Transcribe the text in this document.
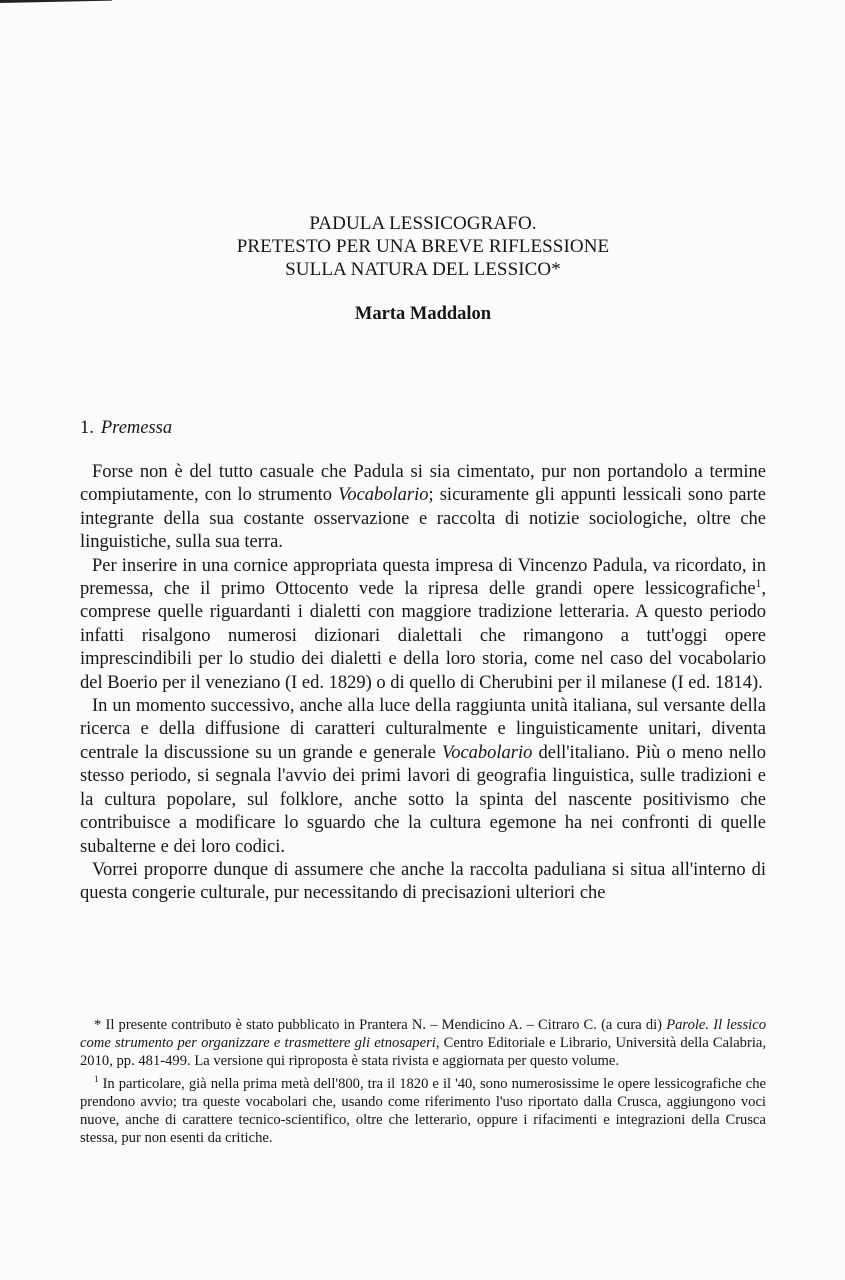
PADULA LESSICOGRAFO.
PRETESTO PER UNA BREVE RIFLESSIONE
SULLA NATURA DEL LESSICO*
Marta Maddalon
1. Premessa

Forse non è del tutto casuale che Padula si sia cimentato, pur non portandolo a termine compiutamente, con lo strumento Vocabolario; sicuramente gli appunti lessicali sono parte integrante della sua costante osservazione e raccolta di notizie sociologiche, oltre che linguistiche, sulla sua terra.

Per inserire in una cornice appropriata questa impresa di Vincenzo Padula, va ricordato, in premessa, che il primo Ottocento vede la ripresa delle grandi opere lessicografiche$^1$, comprese quelle riguardanti i dialetti con maggiore tradizione letteraria. A questo periodo infatti risalgono numerosi dizionari dialettali che rimangono a tutt'oggi opere imprescindibili per lo studio dei dialetti e della loro storia, come nel caso del vocabolario del Boerio per il veneziano (I ed. 1829) o di quello di Cherubini per il milanese (I ed. 1814).

In un momento successivo, anche alla luce della raggiunta unità italiana, sul versante della ricerca e della diffusione di caratteri culturalmente e linguisticamente unitari, diventa centrale la discussione su un grande e generale Vocabolario dell'italiano. Più o meno nello stesso periodo, si segnala l'avvio dei primi lavori di geografia linguistica, sulle tradizioni e la cultura popolare, sul folklore, anche sotto la spinta del nascente positivismo che contribuisce a modificare lo sguardo che la cultura egemone ha nei confronti di quelle subalterne e dei loro codici.

Vorrei proporre dunque di assumere che anche la raccolta paduliana si situa all'interno di questa congerie culturale, pur necessitando di precisazioni ulteriori che

* Il presente contributo è stato pubblicato in Prantera N. – Mendicino A. – Citraro C. (a cura di) Parole. Il lessico come strumento per organizzare e trasmettere gli etnosaperi, Centro Editoriale e Librario, Università della Calabria, 2010, pp. 481-499. La versione qui riproposta è stata rivista e aggiornata per questo volume.

$^1$ In particolare, già nella prima metà dell'800, tra il 1820 e il '40, sono numerosissime le opere lessicografiche che prendono avvio; tra queste vocabolari che, usando come riferimento l'uso riportato dalla Crusca, aggiungono voci nuove, anche di carattere tecnico-scientifico, oltre che letterario, oppure i rifacimenti e integrazioni della Crusca stessa, pur non esenti da critiche.
